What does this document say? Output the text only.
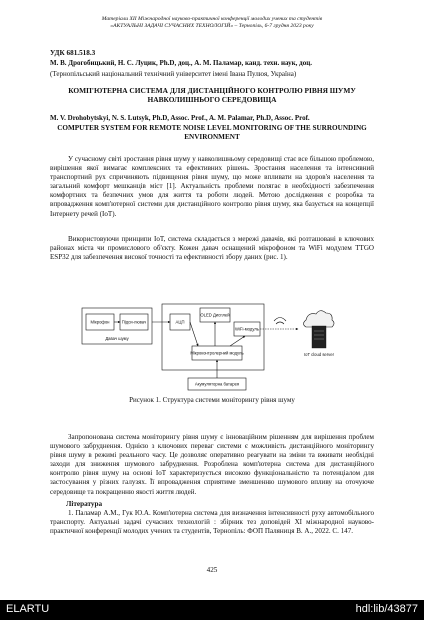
Матеріали XII Міжнародної науково-практичної конференції молодих учених та студентів
«АКТУАЛЬНІ ЗАДАЧІ СУЧАСНИХ ТЕХНОЛОГІЙ» – Тернопіль, 6-7 грудня 2023 року
УДК 681.518.3
М. В. Дрогобицький, Н. С. Луцик, Ph.D, доц., А. М. Паламар, канд. техн. наук, доц.
(Тернопільський національний технічний університет імені Івана Пулюя, Україна)
КОМП'ЮТЕРНА СИСТЕМА ДЛЯ ДИСТАНЦІЙНОГО КОНТРОЛЮ РІВНЯ ШУМУ НАВКОЛИШНЬОГО СЕРЕДОВИЩА
M. V. Drohobytskyi, N. S. Lutsyk, Ph.D, Assoc. Prof., A. M. Palamar, Ph.D, Assoc. Prof.
COMPUTER SYSTEM FOR REMOTE NOISE LEVEL MONITORING OF THE SURROUNDING ENVIRONMENT
У сучасному світі зростання рівня шуму у навколишньому середовищі стає все більшою проблемою, вирішення якої вимагає комплексних та ефективних рішень. Зростання населення та інтенсивний транспортний рух спричиняють підвищення рівня шуму, що може впливати на здоров'я населення та загальний комфорт мешканців міст [1]. Актуальність проблеми полягає в необхідності забезпечення комфортних та безпечних умов для життя та роботи людей. Метою дослідження є розробка та впровадження комп'ютерної системи для дистанційного контролю рівня шуму, яка базується на концепції Інтернету речей (IoT).
Використовуючи принципи IoT, система складається з мережі давачів, які розташовані в ключових районах міста чи промислового об'єкту. Кожен давач оснащений мікрофоном та WiFi модулем TTGO ESP32 для забезпечення високої точності та ефективності збору даних (рис. 1).
Мікрофон	Підси-лювач
Давач шуму
АЦП
OLED Дисплей
WiFi-модуль
Мікроконтролерний модуль	IoT cloud server
Акумуляторна батарея
Рисунок 1. Структура системи моніторингу рівня шуму
Запропонована система моніторингу рівня шуму є інноваційним рішенням для вирішення проблем шумового забруднення. Однією з ключових переваг системи є можливість дистанційного моніторингу рівня шуму в режимі реального часу. Це дозволяє оперативно реагувати на зміни та вживати необхідні заходи для зниження шумового забруднення. Розроблена комп'ютерна система для дистанційного контролю рівня шуму на основі IoT характеризується високою функціональністю та потенціалом для застосування у різних галузях. Її впровадження сприятиме зменшенню шумового впливу на оточуюче середовище та покращенню якості життя людей.
Література
1. Паламар А.М., Гук Ю.А. Комп'ютерна система для визначення інтенсивності руху автомобільного транспорту. Актуальні задачі сучасних технологій : збірник тез доповідей XI міжнародної науково-практичної конференції молодих учених та студентів, Тернопіль: ФОП Паляниця В. А., 2022. С. 147.
425
ELARTU	hdl:lib/43877
